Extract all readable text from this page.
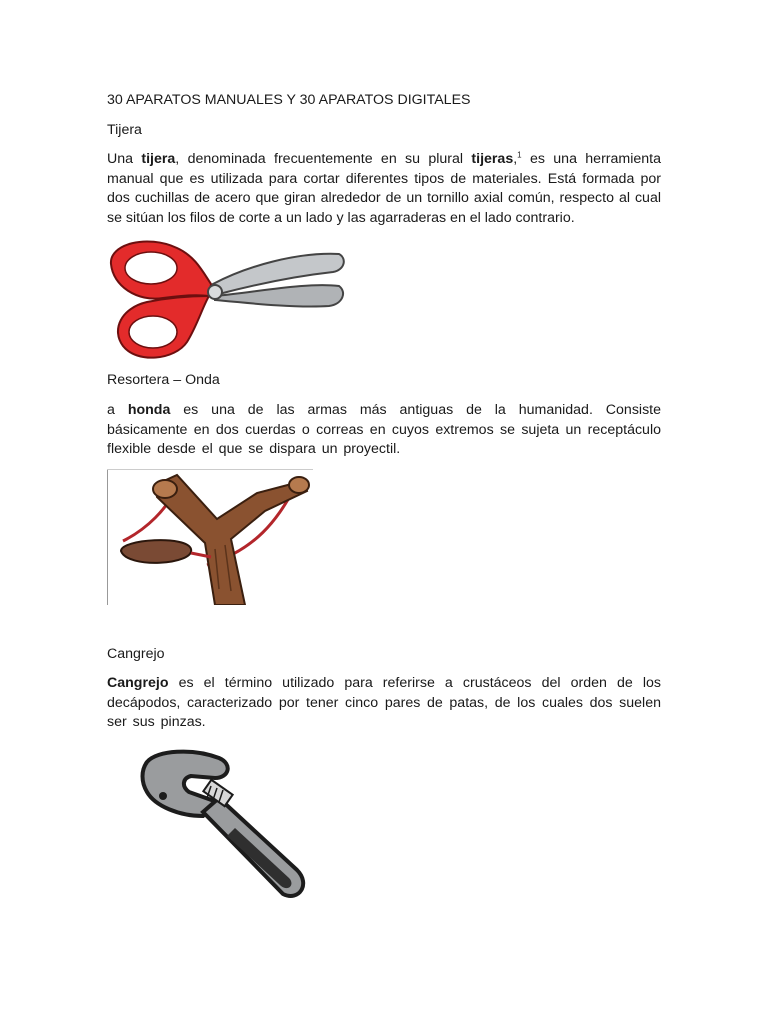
30 APARATOS MANUALES Y 30 APARATOS DIGITALES
Tijera
Una tijera, denominada frecuentemente en su plural tijeras,$^1$ es una herramienta manual que es utilizada para cortar diferentes tipos de materiales. Está formada por dos cuchillas de acero que giran alrededor de un tornillo axial común, respecto al cual se sitúan los filos de corte a un lado y las agarraderas en el lado contrario.
Resortera – Onda
a honda es una de las armas más antiguas de la humanidad. Consiste básicamente en dos cuerdas o correas en cuyos extremos se sujeta un receptáculo flexible desde el que se dispara un proyectil.
Cangrejo
Cangrejo es el término utilizado para referirse a crustáceos del orden de los decápodos, caracterizado por tener cinco pares de patas, de los cuales dos suelen ser sus pinzas.
